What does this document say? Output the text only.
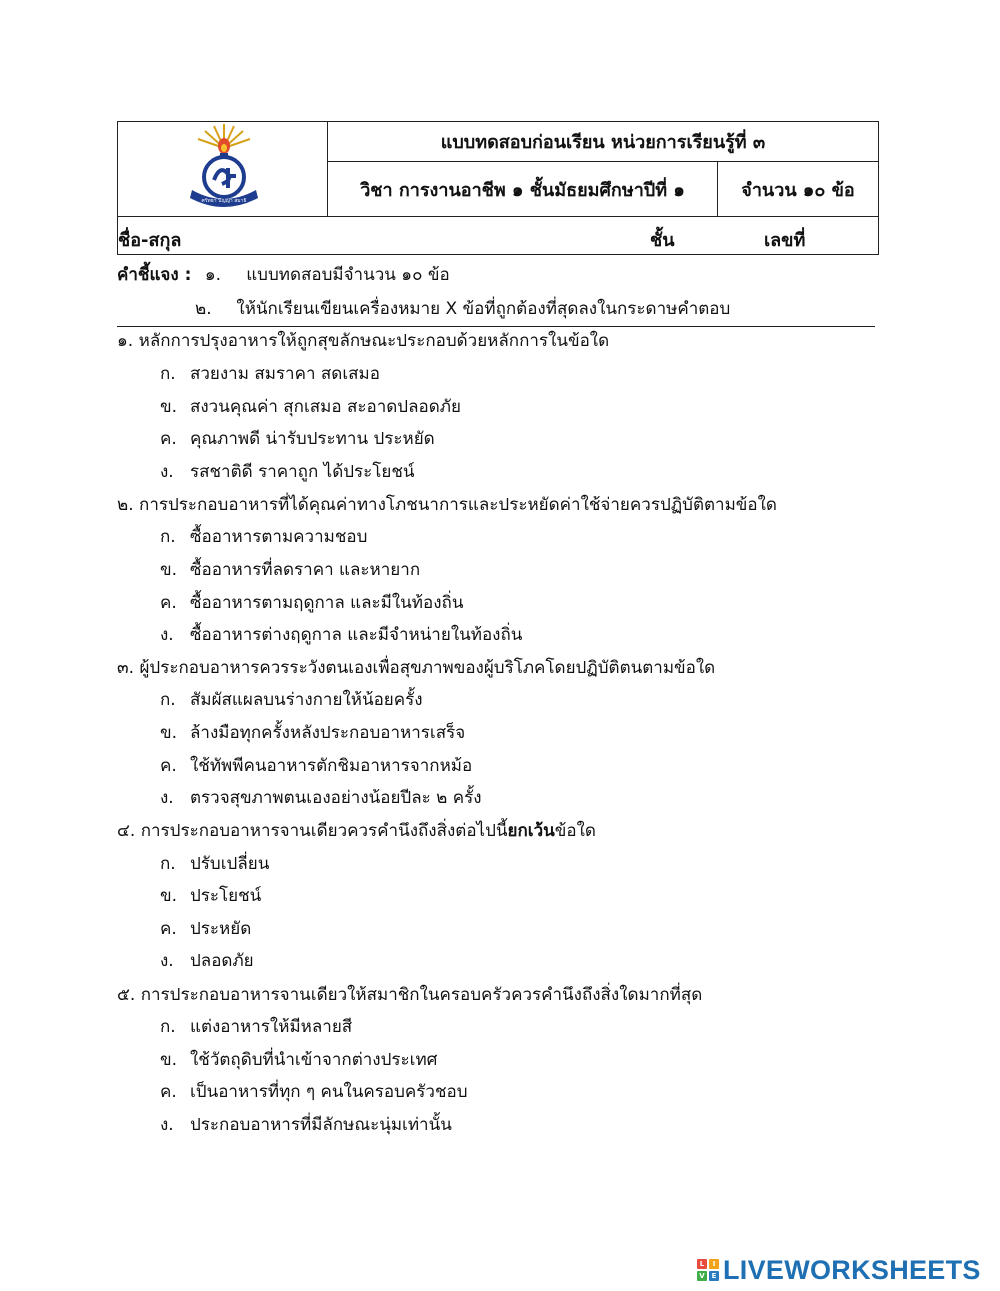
ศรัทธา ปัญญา สมาธิ
แบบทดสอบก่อนเรียน หน่วยการเรียนรู้ที่ ๓
วิชา การงานอาชีพ ๑ ชั้นมัธยมศึกษาปีที่ ๑	จำนวน ๑๐ ข้อ
ชื่อ-สกุล	ชั้น	เลขที่
คำชี้แจง : ๑. แบบทดสอบมีจำนวน ๑๐ ข้อ
๒. ให้นักเรียนเขียนเครื่องหมาย X ข้อที่ถูกต้องที่สุดลงในกระดาษคำตอบ
๑. หลักการปรุงอาหารให้ถูกสุขลักษณะประกอบด้วยหลักการในข้อใด
ก. สวยงาม สมราคา สดเสมอ
ข. สงวนคุณค่า สุกเสมอ สะอาดปลอดภัย
ค. คุณภาพดี น่ารับประทาน ประหยัด
ง. รสชาติดี ราคาถูก ได้ประโยชน์
๒. การประกอบอาหารที่ได้คุณค่าทางโภชนาการและประหยัดค่าใช้จ่ายควรปฏิบัติตามข้อใด
ก. ซื้ออาหารตามความชอบ
ข. ซื้ออาหารที่ลดราคา และหายาก
ค. ซื้ออาหารตามฤดูกาล และมีในท้องถิ่น
ง. ซื้ออาหารต่างฤดูกาล และมีจำหน่ายในท้องถิ่น
๓. ผู้ประกอบอาหารควรระวังตนเองเพื่อสุขภาพของผู้บริโภคโดยปฏิบัติตนตามข้อใด
ก. สัมผัสแผลบนร่างกายให้น้อยครั้ง
ข. ล้างมือทุกครั้งหลังประกอบอาหารเสร็จ
ค. ใช้ทัพพีคนอาหารตักชิมอาหารจากหม้อ
ง. ตรวจสุขภาพตนเองอย่างน้อยปีละ ๒ ครั้ง
๔. การประกอบอาหารจานเดียวควรคำนึงถึงสิ่งต่อไปนี้ยกเว้นข้อใด
ก. ปรับเปลี่ยน
ข. ประโยชน์
ค. ประหยัด
ง. ปลอดภัย
๕. การประกอบอาหารจานเดียวให้สมาชิกในครอบครัวควรคำนึงถึงสิ่งใดมากที่สุด
ก. แต่งอาหารให้มีหลายสี
ข. ใช้วัตถุดิบที่นำเข้าจากต่างประเทศ
ค. เป็นอาหารที่ทุก ๆ คนในครอบครัวชอบ
ง. ประกอบอาหารที่มีลักษณะนุ่มเท่านั้น
L	I
V E LIVEWORKSHEETS
